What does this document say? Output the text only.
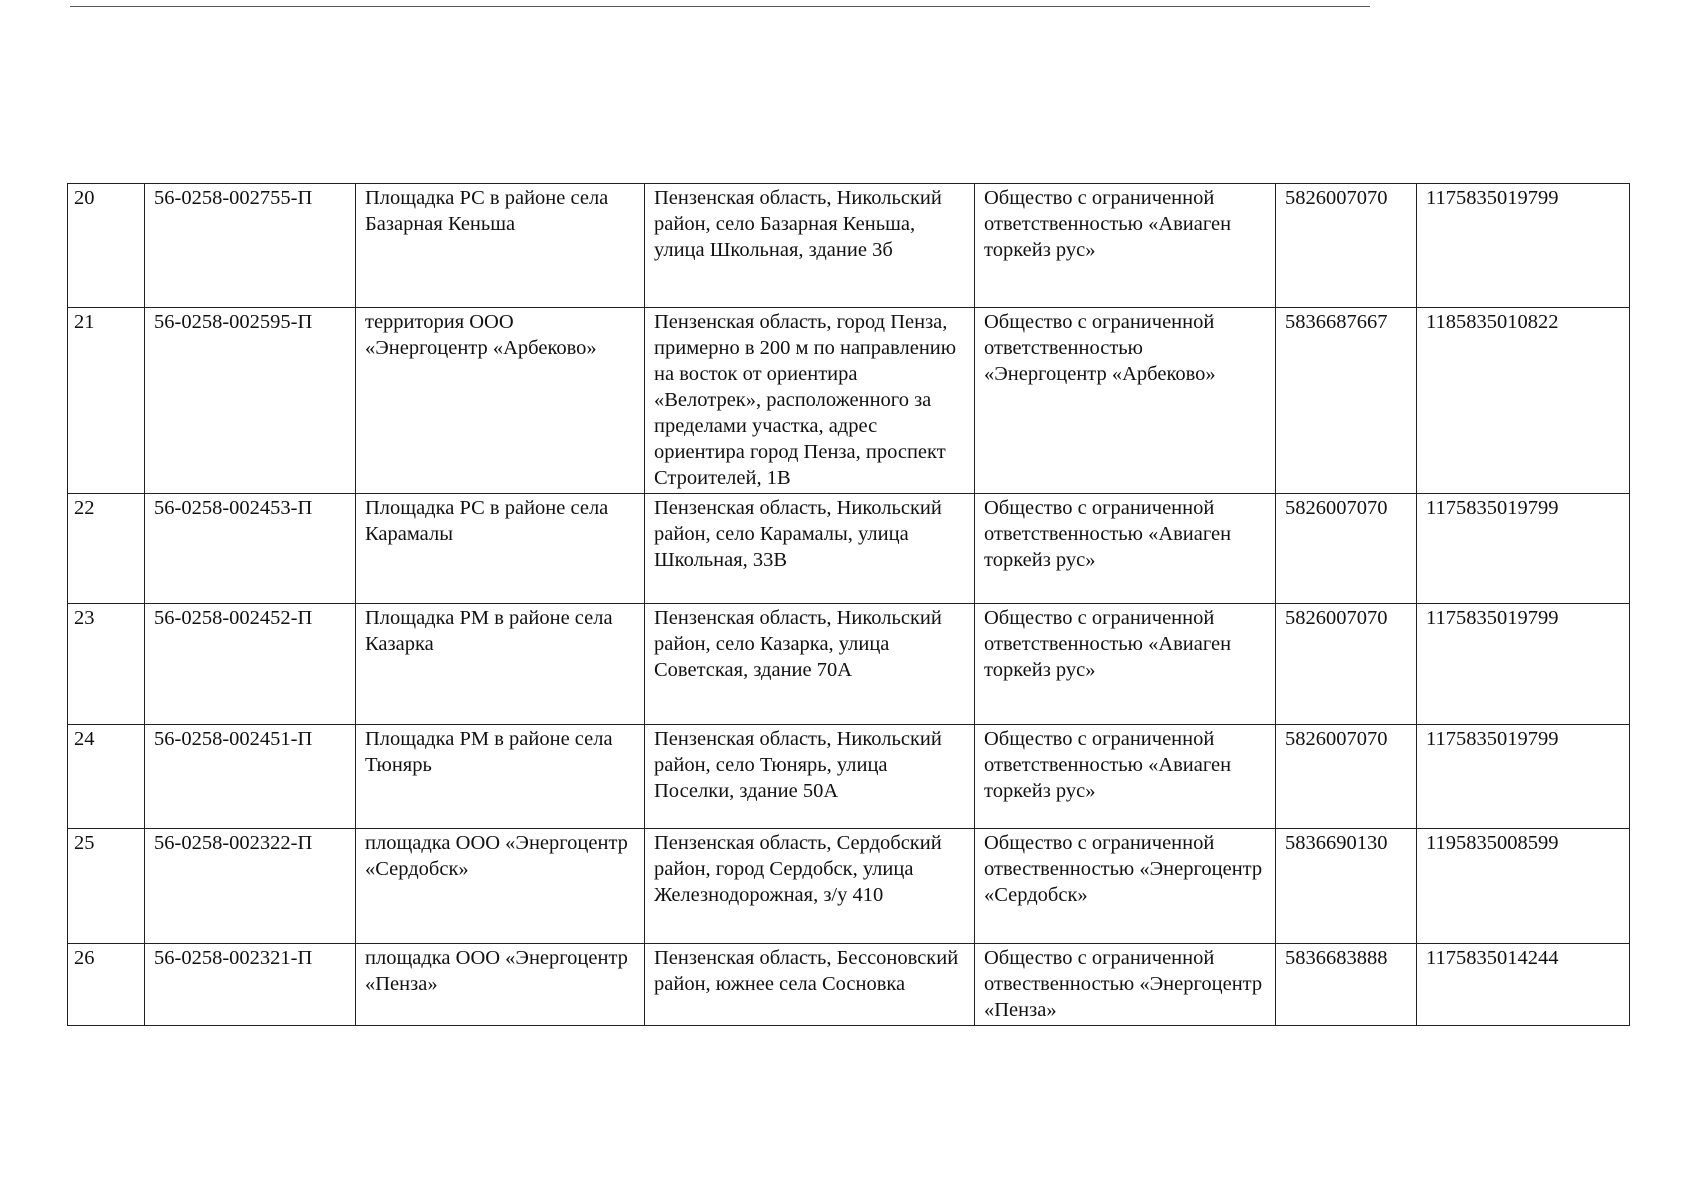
20	56-0258-002755-П	Площадка РС в районе села Базарная Кеньша	Пензенская область, Никольский район, село Базарная Кеньша, улица Школьная, здание 3б	Общество с ограниченной ответственностью «Авиаген торкейз рус»	5826007070	1175835019799
21	56-0258-002595-П	территория ООО «Энергоцентр «Арбеково»	Пензенская область, город Пенза, примерно в 200 м по направлению на восток от ориентира «Велотрек», расположенного за пределами участка, адрес ориентира город Пенза, проспект Строителей, 1В	Общество с ограниченной ответственностью «Энергоцентр «Арбеково»	5836687667	1185835010822
22	56-0258-002453-П	Площадка РС в районе села Карамалы	Пензенская область, Никольский район, село Карамалы, улица Школьная, 33В	Общество с ограниченной ответственностью «Авиаген торкейз рус»	5826007070	1175835019799
23	56-0258-002452-П	Площадка РМ в районе села Казарка	Пензенская область, Никольский район, село Казарка, улица Советская, здание 70А	Общество с ограниченной ответственностью «Авиаген торкейз рус»	5826007070	1175835019799
24	56-0258-002451-П	Площадка РМ в районе села Тюнярь	Пензенская область, Никольский район, село Тюнярь, улица Поселки, здание 50А	Общество с ограниченной ответственностью «Авиаген торкейз рус»	5826007070	1175835019799
25	56-0258-002322-П	площадка ООО «Энергоцентр «Сердобск»	Пензенская область, Сердобский район, город Сердобск, улица Железнодорожная, з/у 410	Общество с ограниченной отвественностью «Энергоцентр «Сердобск»	5836690130	1195835008599
26	56-0258-002321-П	площадка ООО «Энергоцентр «Пенза»	Пензенская область, Бессоновский район, южнее села Сосновка	Общество с ограниченной отвественностью «Энергоцентр «Пенза»	5836683888	1175835014244
